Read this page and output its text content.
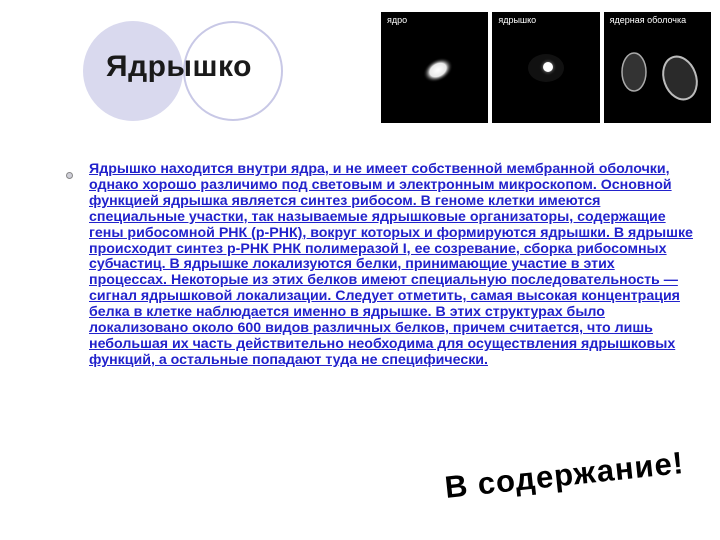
Ядрышко
ядро	ядрышко	ядерная оболочка

Ядрышко находится внутри ядра, и не имеет собственной мембранной оболочки, однако хорошо различимо под световым и электронным микроскопом. Основной функцией ядрышка является синтез рибосом. В геноме клетки имеются специальные участки, так называемые ядрышковые организаторы, содержащие гены рибосомной РНК (р-РНК), вокруг которых и формируются ядрышки. В ядрышке происходит синтез р-РНК РНК полимеразой I, ее созревание, сборка рибосомных субчастиц. В ядрышке локализуются белки, принимающие участие в этих процессах. Некоторые из этих белков имеют специальную последовательность — сигнал ядрышковой локализации. Следует отметить, самая высокая концентрация белка в клетке наблюдается именно в ядрышке. В этих структурах было локализовано около 600 видов различных белков, причем считается, что лишь небольшая их часть действительно необходима для осуществления ядрышковых функций, а остальные попадают туда не специфически.

В содержание!
